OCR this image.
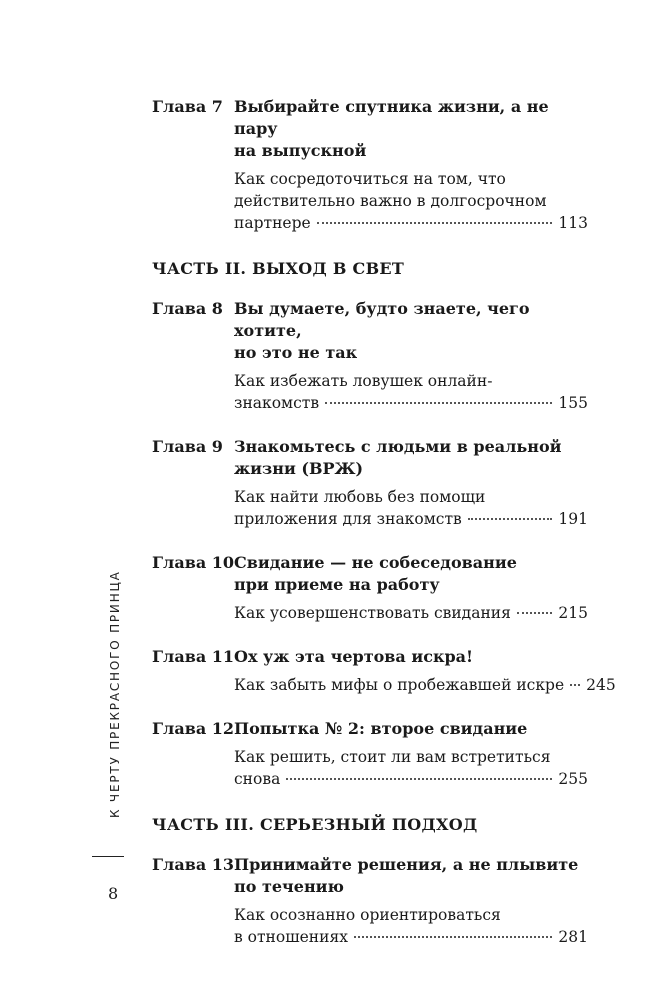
Глава 7 Выбирайте спутника жизни, а не пару
на выпускной
Как сосредоточиться на том, что
действительно важно в долгосрочном
партнере	113
ЧАСТЬ II. ВЫХОД В СВЕТ
Глава 8 Вы думаете, будто знаете, чего хотите,
но это не так
Как избежать ловушек онлайн-
знакомств	155
Глава 9 Знакомьтесь с людьми в реальной
жизни (ВРЖ)
Как найти любовь без помощи
приложения для знакомств	191
Глава 10 Свидание — не собеседование
при приеме на работу
Как усовершенствовать свидания	215
Глава 11 Ох уж эта чертова искра!
Как забыть мифы о пробежавшей искре 245
Глава 12 Попытка № 2: второе свидание
Как решить, стоит ли вам встретиться
снова	255
ЧАСТЬ III. СЕРЬЕЗНЫЙ ПОДХОД
Глава 13 Принимайте решения, а не плывите
по течению
Как осознанно ориентироваться
в отношениях	281
К ЧЕРТУ ПРЕКРАСНОГО ПРИНЦА
8
